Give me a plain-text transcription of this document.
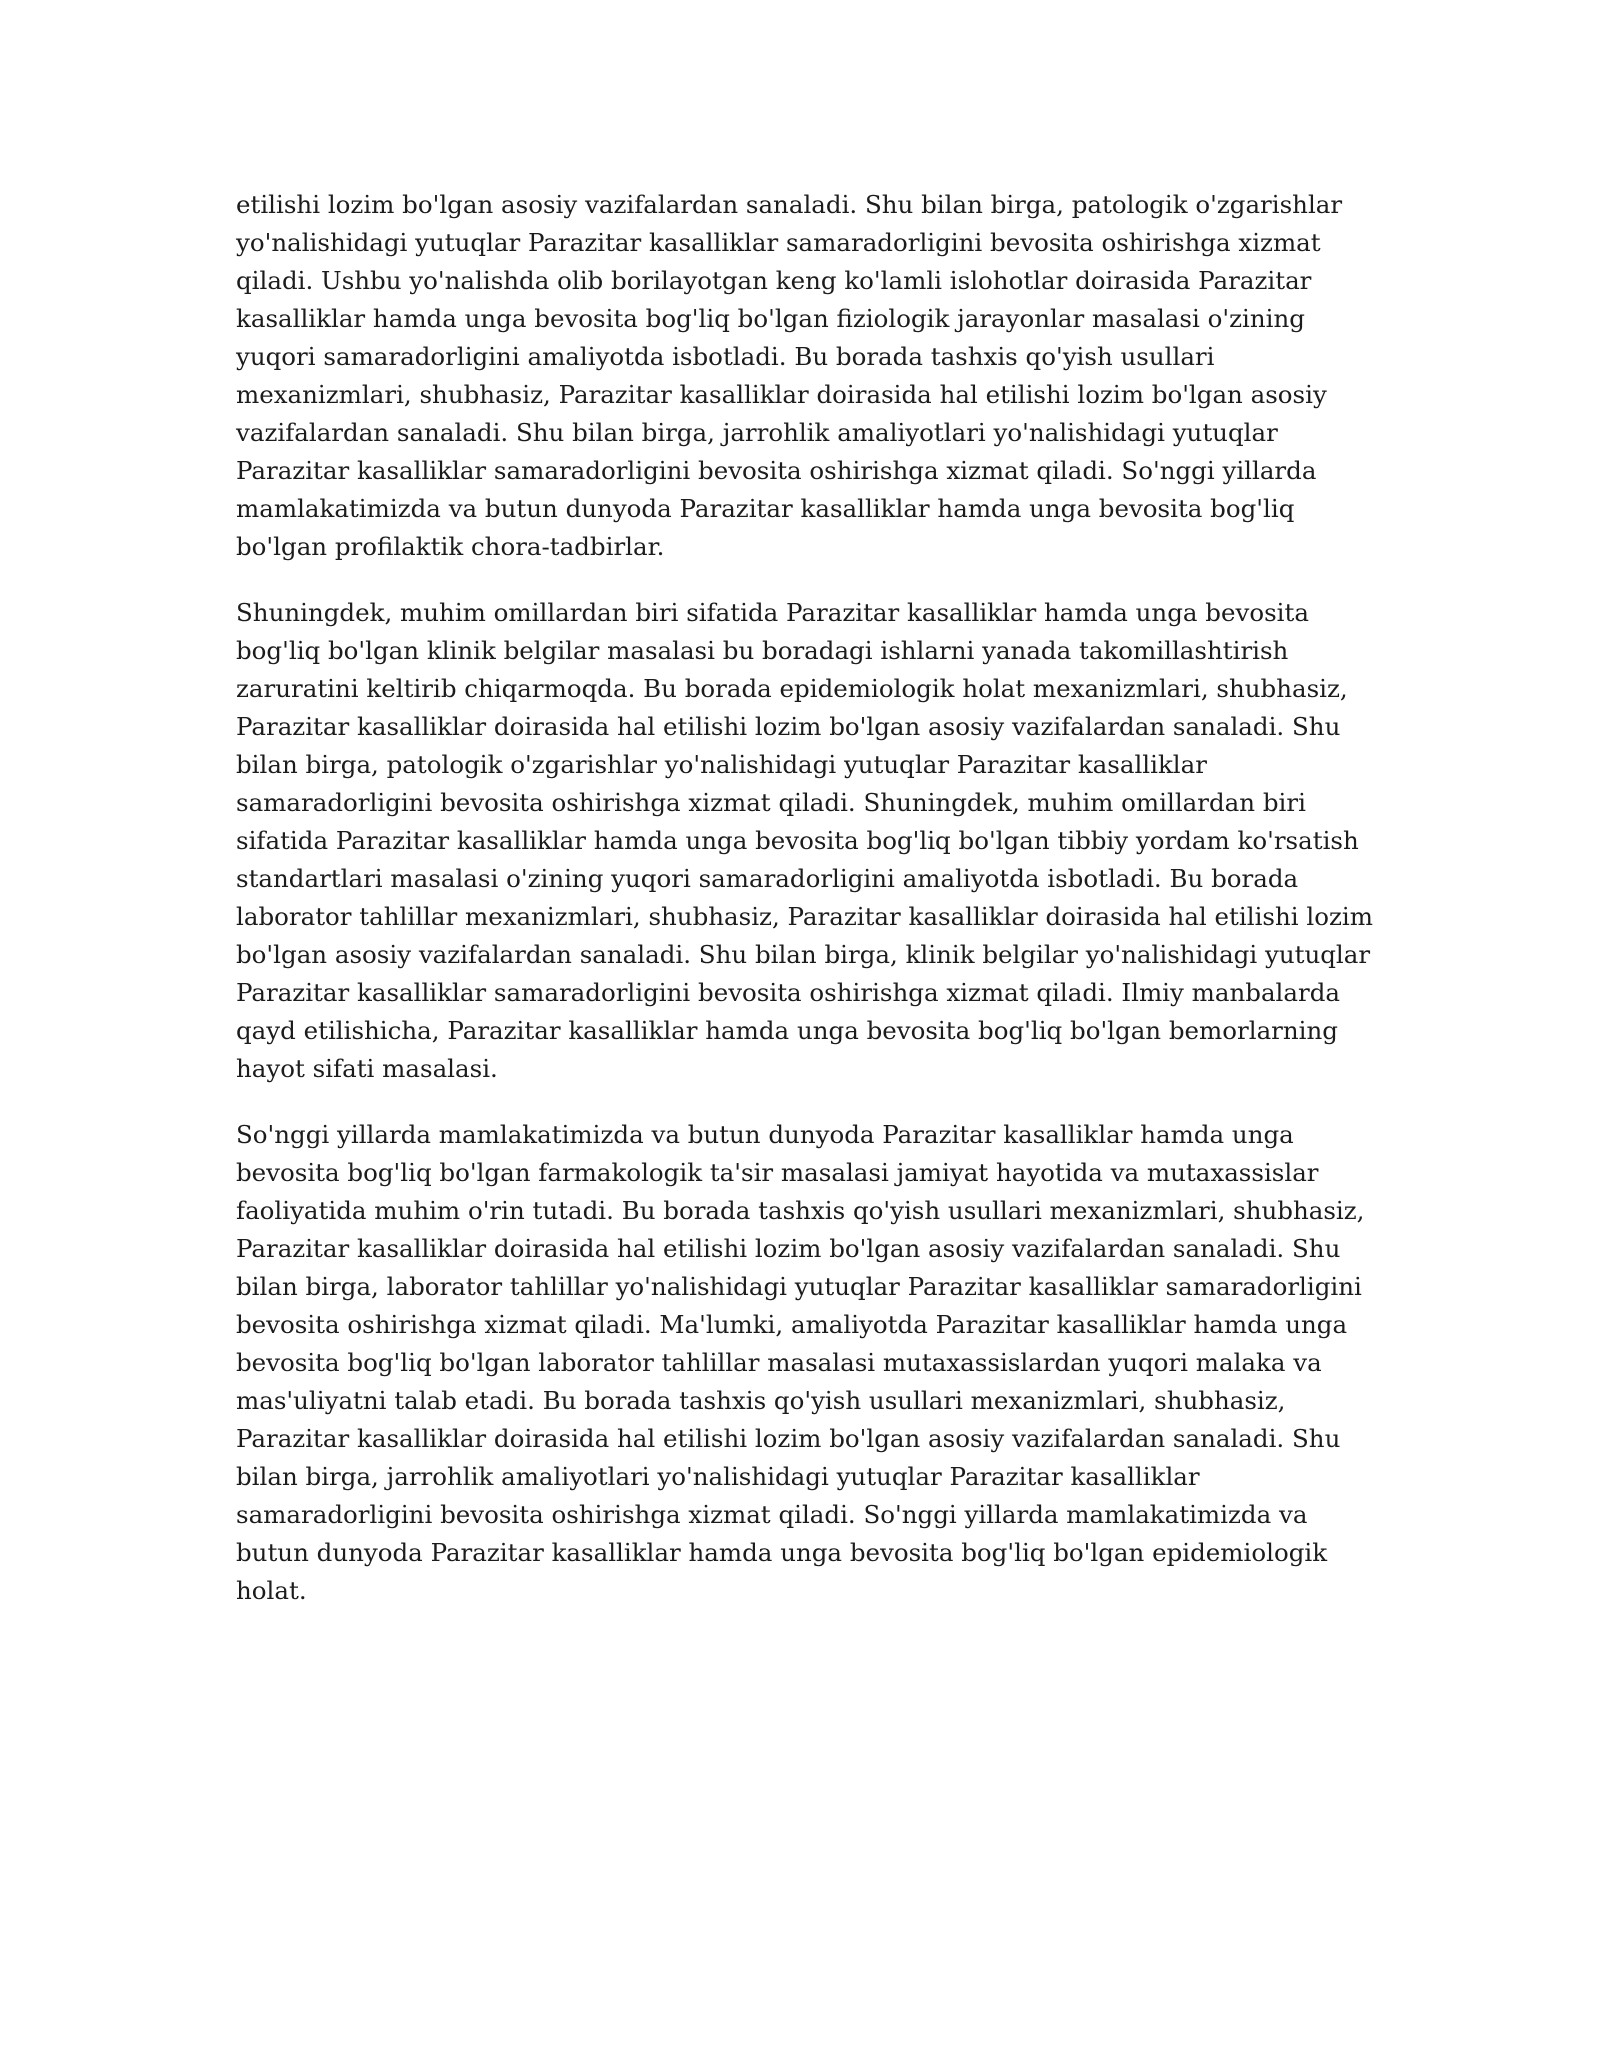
etilishi lozim bo'lgan asosiy vazifalardan sanaladi. Shu bilan birga, patologik o'zgarishlar yo'nalishidagi yutuqlar Parazitar kasalliklar samaradorligini bevosita oshirishga xizmat qiladi. Ushbu yo'nalishda olib borilayotgan keng ko'lamli islohotlar doirasida Parazitar kasalliklar hamda unga bevosita bog'liq bo'lgan fiziologik jarayonlar masalasi o'zining yuqori samaradorligini amaliyotda isbotladi. Bu borada tashxis qo'yish usullari mexanizmlari, shubhasiz, Parazitar kasalliklar doirasida hal etilishi lozim bo'lgan asosiy vazifalardan sanaladi. Shu bilan birga, jarrohlik amaliyotlari yo'nalishidagi yutuqlar Parazitar kasalliklar samaradorligini bevosita oshirishga xizmat qiladi. So'nggi yillarda mamlakatimizda va butun dunyoda Parazitar kasalliklar hamda unga bevosita bog'liq bo'lgan profilaktik chora-tadbirlar.

Shuningdek, muhim omillardan biri sifatida Parazitar kasalliklar hamda unga bevosita bog'liq bo'lgan klinik belgilar masalasi bu boradagi ishlarni yanada takomillashtirish zaruratini keltirib chiqarmoqda. Bu borada epidemiologik holat mexanizmlari, shubhasiz, Parazitar kasalliklar doirasida hal etilishi lozim bo'lgan asosiy vazifalardan sanaladi. Shu bilan birga, patologik o'zgarishlar yo'nalishidagi yutuqlar Parazitar kasalliklar samaradorligini bevosita oshirishga xizmat qiladi. Shuningdek, muhim omillardan biri sifatida Parazitar kasalliklar hamda unga bevosita bog'liq bo'lgan tibbiy yordam ko'rsatish standartlari masalasi o'zining yuqori samaradorligini amaliyotda isbotladi. Bu borada laborator tahlillar mexanizmlari, shubhasiz, Parazitar kasalliklar doirasida hal etilishi lozim bo'lgan asosiy vazifalardan sanaladi. Shu bilan birga, klinik belgilar yo'nalishidagi yutuqlar Parazitar kasalliklar samaradorligini bevosita oshirishga xizmat qiladi. Ilmiy manbalarda qayd etilishicha, Parazitar kasalliklar hamda unga bevosita bog'liq bo'lgan bemorlarning hayot sifati masalasi.

So'nggi yillarda mamlakatimizda va butun dunyoda Parazitar kasalliklar hamda unga bevosita bog'liq bo'lgan farmakologik ta'sir masalasi jamiyat hayotida va mutaxassislar faoliyatida muhim o'rin tutadi. Bu borada tashxis qo'yish usullari mexanizmlari, shubhasiz, Parazitar kasalliklar doirasida hal etilishi lozim bo'lgan asosiy vazifalardan sanaladi. Shu bilan birga, laborator tahlillar yo'nalishidagi yutuqlar Parazitar kasalliklar samaradorligini bevosita oshirishga xizmat qiladi. Ma'lumki, amaliyotda Parazitar kasalliklar hamda unga bevosita bog'liq bo'lgan laborator tahlillar masalasi mutaxassislardan yuqori malaka va mas'uliyatni talab etadi. Bu borada tashxis qo'yish usullari mexanizmlari, shubhasiz, Parazitar kasalliklar doirasida hal etilishi lozim bo'lgan asosiy vazifalardan sanaladi. Shu bilan birga, jarrohlik amaliyotlari yo'nalishidagi yutuqlar Parazitar kasalliklar samaradorligini bevosita oshirishga xizmat qiladi. So'nggi yillarda mamlakatimizda va butun dunyoda Parazitar kasalliklar hamda unga bevosita bog'liq bo'lgan epidemiologik holat.
